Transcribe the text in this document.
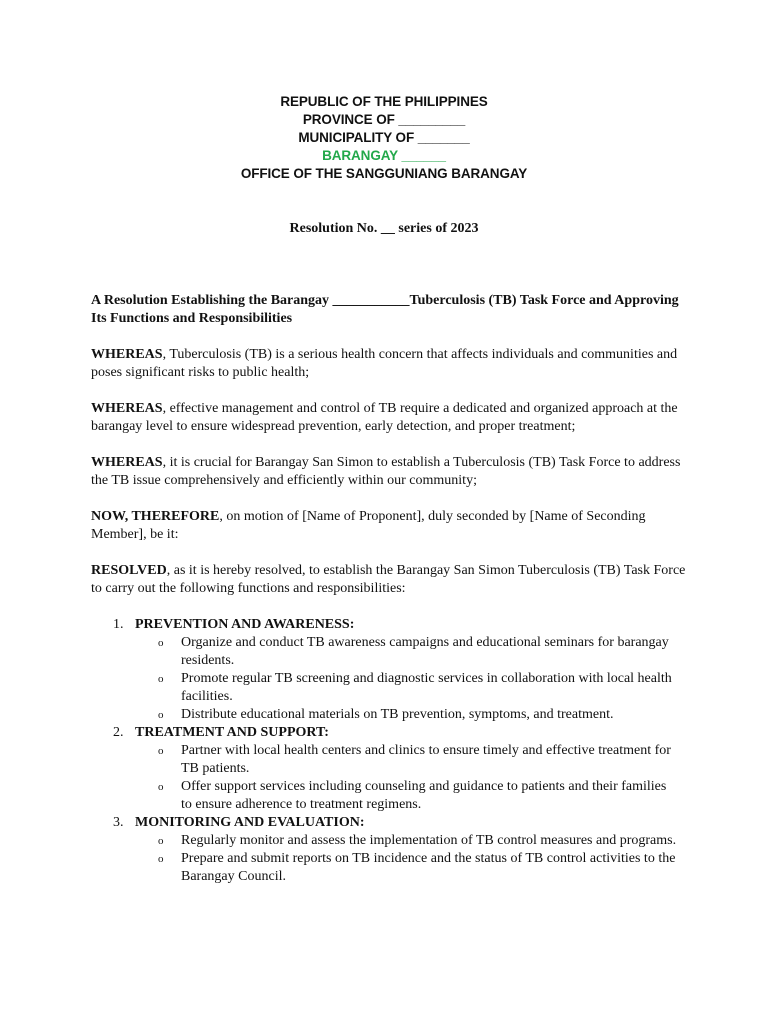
REPUBLIC OF THE PHILIPPINES
PROVINCE OF _________
MUNICIPALITY OF _______
BARANGAY ______
OFFICE OF THE SANGGUNIANG BARANGAY
Resolution No. __ series of 2023
A Resolution Establishing the Barangay ___________Tuberculosis (TB) Task Force and Approving Its Functions and Responsibilities

WHEREAS, Tuberculosis (TB) is a serious health concern that affects individuals and communities and poses significant risks to public health;

WHEREAS, effective management and control of TB require a dedicated and organized approach at the barangay level to ensure widespread prevention, early detection, and proper treatment;

WHEREAS, it is crucial for Barangay San Simon to establish a Tuberculosis (TB) Task Force to address the TB issue comprehensively and efficiently within our community;

NOW, THEREFORE, on motion of [Name of Proponent], duly seconded by [Name of Seconding Member], be it:

RESOLVED, as it is hereby resolved, to establish the Barangay San Simon Tuberculosis (TB) Task Force to carry out the following functions and responsibilities:

1. PREVENTION AND AWARENESS:
o	Organize and conduct TB awareness campaigns and educational seminars for barangay residents.
o	Promote regular TB screening and diagnostic services in collaboration with local health facilities.
o	Distribute educational materials on TB prevention, symptoms, and treatment.
2. TREATMENT AND SUPPORT:
o	Partner with local health centers and clinics to ensure timely and effective treatment for TB patients.
o	Offer support services including counseling and guidance to patients and their families to ensure adherence to treatment regimens.
3. MONITORING AND EVALUATION:
o	Regularly monitor and assess the implementation of TB control measures and programs.
o	Prepare and submit reports on TB incidence and the status of TB control activities to the Barangay Council.
